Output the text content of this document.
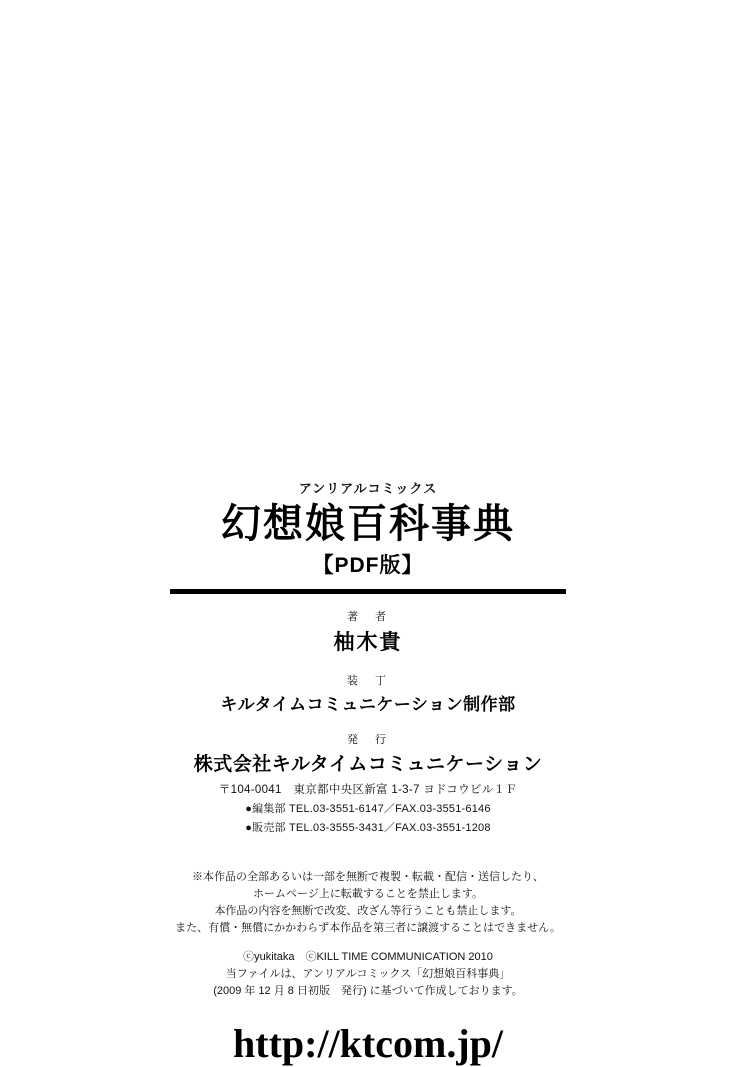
アンリアルコミックス
幻想娘百科事典
【PDF版】
著　者
柚木貴
装　丁
キルタイムコミュニケーション制作部
発　行
株式会社キルタイムコミュニケーション
〒104-0041　東京都中央区新富 1-3-7 ヨドコウビル１Ｆ
●編集部 TEL.03-3551-6147／FAX.03-3551-6146
●販売部 TEL.03-3555-3431／FAX.03-3551-1208
※本作品の全部あるいは一部を無断で複製・転載・配信・送信したり、
ホームページ上に転載することを禁止します。
本作品の内容を無断で改変、改ざん等行うことも禁止します。
また、有償・無償にかかわらず本作品を第三者に譲渡することはできません。
ⓒyukitaka　ⓒKILL TIME COMMUNICATION 2010
当ファイルは、アンリアルコミックス「幻想娘百科事典」
(2009 年 12 月 8 日初版　発行) に基づいて作成しております。
http://ktcom.jp/
